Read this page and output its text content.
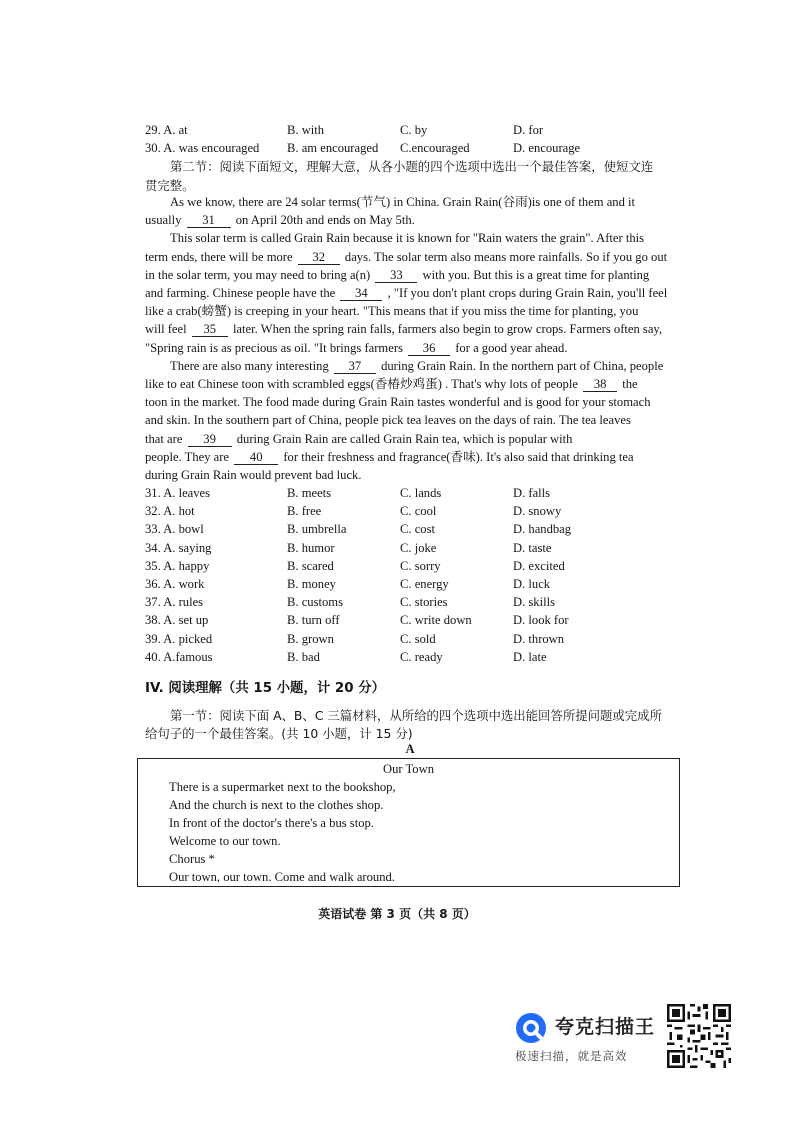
29. A. at	B. with	C. by	D. for
30. A. was encouraged B. am encouraged C.encouraged	D. encourage
第二节：阅读下面短文，理解大意，从各小题的四个选项中选出一个最佳答案，使短文连
贯完整。
As we know, there are 24 solar terms(节气) in China. Grain Rain(谷雨)is one of them and it
usually 31 on April 20th and ends on May 5th.
This solar term is called Grain Rain because it is known for "Rain waters the grain". After this
term ends, there will be more 32 days. The solar term also means more rainfalls. So if you go out
in the solar term, you may need to bring a(n) 33 with you. But this is a great time for planting
and farming. Chinese people have the 34 , "If you don't plant crops during Grain Rain, you'll feel
like a crab(螃蟹) is creeping in your heart. "This means that if you miss the time for planting, you
will feel 35 later. When the spring rain falls, farmers also begin to grow crops. Farmers often say,
"Spring rain is as precious as oil. "It brings farmers 36 for a good year ahead.
There are also many interesting 37 during Grain Rain. In the northern part of China, people
like to eat Chinese toon with scrambled eggs(香椿炒鸡蛋) . That's why lots of people 38 the
toon in the market. The food made during Grain Rain tastes wonderful and is good for your stomach
and skin. In the southern part of China, people pick tea leaves on the days of rain. The tea leaves
that are 39 during Grain Rain are called Grain Rain tea, which is popular with
people. They are 40 for their freshness and fragrance(香味). It's also said that drinking tea
during Grain Rain would prevent bad luck.
31. A. leaves	B. meets	C. lands	D. falls
32. A. hot	B. free	C. cool	D. snowy
33. A. bowl	B. umbrella	C. cost	D. handbag
34. A. saying	B. humor	C. joke	D. taste
35. A. happy	B. scared	C. sorry	D. excited
36. A. work	B. money	C. energy	D. luck
37. A. rules	B. customs	C. stories	D. skills
38. A. set up	B. turn off	C. write down	D. look for
39. A. picked	B. grown	C. sold	D. thrown
40. A.famous	B. bad	C. ready	D. late
IV. 阅读理解（共 15 小题，计 20 分）
第一节：阅读下面 A、B、C 三篇材料，从所给的四个选项中选出能回答所提问题或完成所
给句子的一个最佳答案。(共 10 小题，计 15 分)
A
Our Town
There is a supermarket next to the bookshop,
And the church is next to the clothes shop.
In front of the doctor's there's a bus stop.
Welcome to our town.
Chorus *
Our town, our town. Come and walk around.
英语试卷 第 3 页（共 8 页）
夸克扫描王
极速扫描，就是高效
